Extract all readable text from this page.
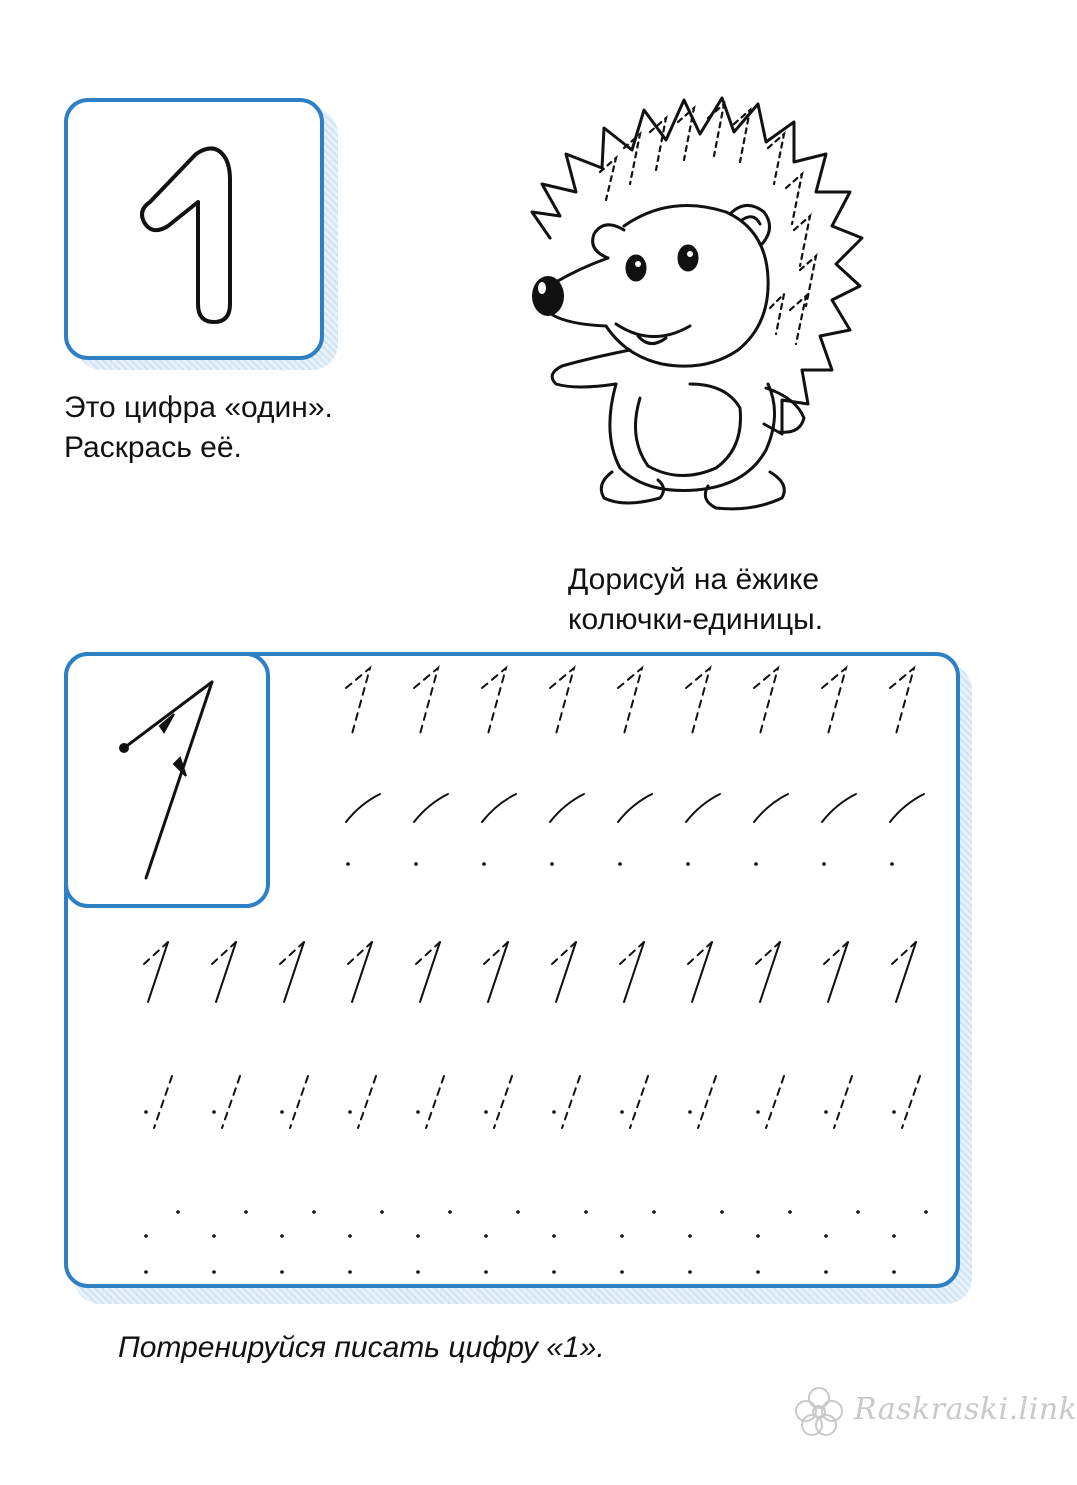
Это цифра «один».
Раскрась её.
Дорисуй на ёжике
колючки-единицы.
Потренируйся писать цифру «1».
Raskraski.link
